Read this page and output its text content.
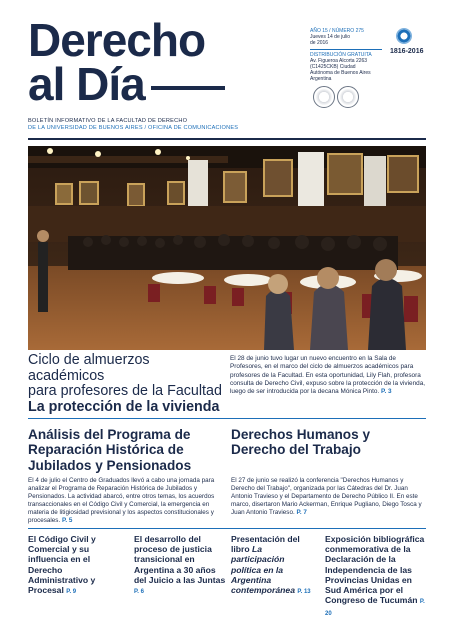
Derecho
al Día
BOLETÍN INFORMATIVO DE LA FACULTAD DE DERECHO
DE LA UNIVERSIDAD DE BUENOS AIRES / OFICINA DE COMUNICACIONES
AÑO 15 / NÚMERO 275
Jueves 14 de julio
de 2016
DISTRIBUCIÓN GRATUITA
Av. Figueroa Alcorta 2263
(C1425CKB) Ciudad
Autónoma de Buenos Aires
Argentina
1816-2016
Ciclo de almuerzos académicos
para profesores de la Facultad
La protección de la vivienda
El 28 de junio tuvo lugar un nuevo encuentro en la Sala de Profesores, en el marco del ciclo de almuerzos académicos para profesores de la Facultad. En esta oportunidad, Lily Flah, profesora consulta de Derecho Civil, expuso sobre la protección de la vivienda, luego de ser introducida por la decana Mónica Pinto. P. 3
Análisis del Programa de Reparación Histórica de Jubilados y Pensionados
El 4 de julio el Centro de Graduados llevó a cabo una jornada para analizar el Programa de Reparación Histórica de Jubilados y Pensionados. La actividad abarcó, entre otros temas, los acuerdos transaccionales en el Código Civil y Comercial, la emergencia en materia de litigiosidad previsional y los aspectos constitucionales y procesales. P. 5
Derechos Humanos y Derecho del Trabajo
El 27 de junio se realizó la conferencia "Derechos Humanos y Derecho del Trabajo", organizada por las Cátedras del Dr. Juan Antonio Travieso y el Departamento de Derecho Público II. En este marco, disertaron Mario Ackerman, Enrique Pugliano, Diego Tosca y Juan Antonio Travieso. P. 7
El Código Civil y Comercial y su influencia en el Derecho Administrativo y Procesal P. 9
El desarrollo del proceso de justicia transicional en Argentina a 30 años del Juicio a las Juntas P. 6
Presentación del libro La participación política en la Argentina contemporánea P. 13
Exposición bibliográfica conmemorativa de la Declaración de la Independencia de las Provincias Unidas en Sud América por el Congreso de Tucumán P. 20
